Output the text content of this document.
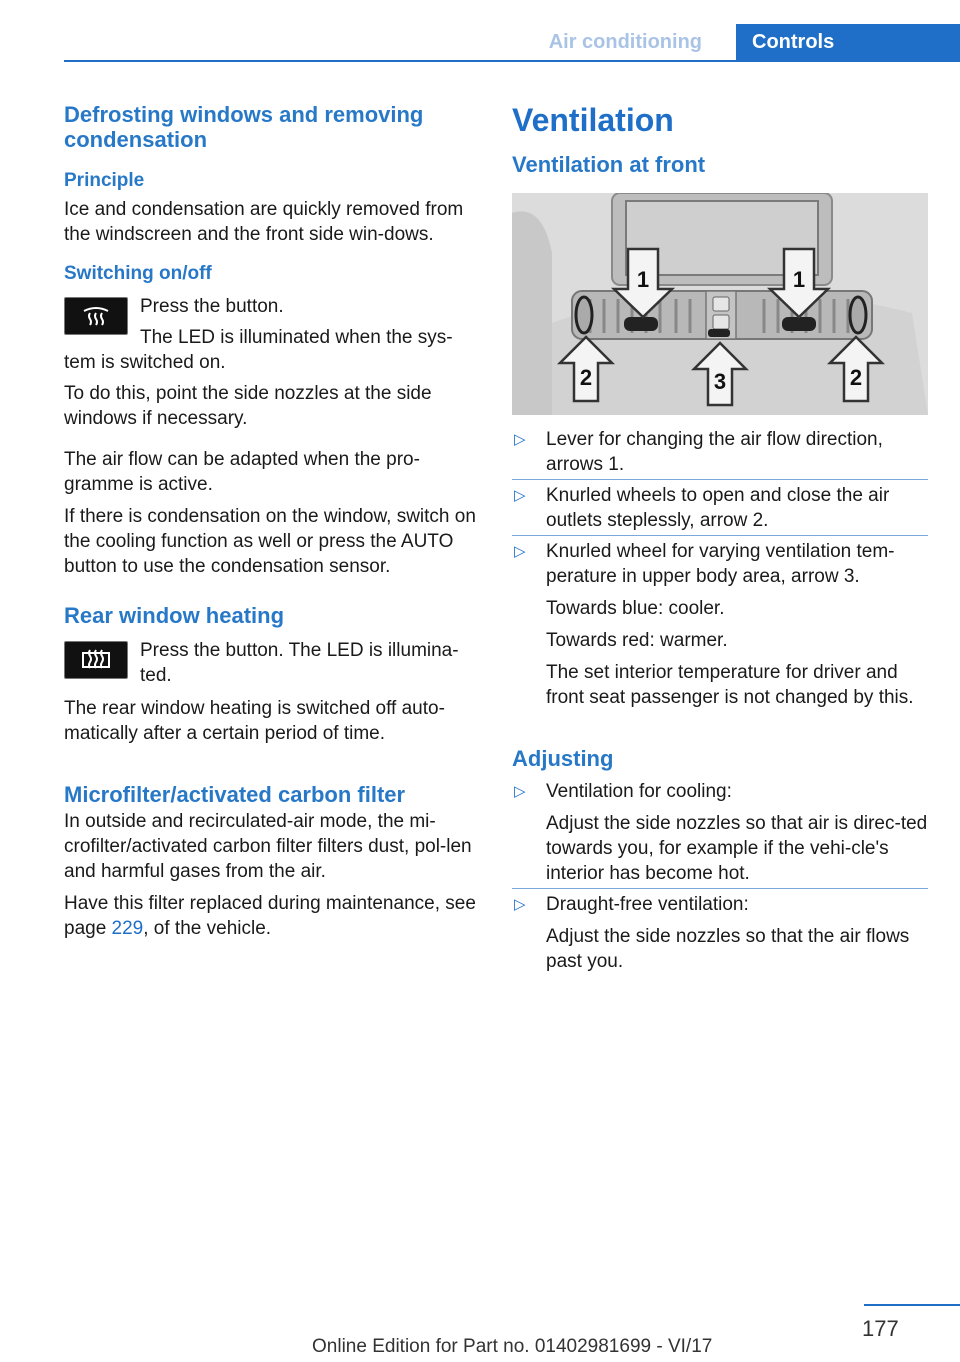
Air conditioning	Controls
Defrosting windows and removing condensation
Principle

Ice and condensation are quickly removed from the windscreen and the front side win-dows.

Switching on/off

Press the button.

The LED is illuminated when the sys-

tem is switched on.

To do this, point the side nozzles at the side windows if necessary.

The air flow can be adapted when the pro-gramme is active.

If there is condensation on the window, switch on the cooling function as well or press the AUTO button to use the condensation sensor.

Rear window heating

Press the button. The LED is illumina-

ted.

The rear window heating is switched off auto-matically after a certain period of time.

Microfilter/activated carbon filter

In outside and recirculated-air mode, the mi-crofilter/activated carbon filter filters dust, pol-len and harmful gases from the air.

Have this filter replaced during maintenance, see page 229, of the vehicle.

Ventilation
Ventilation at front
1	1
2	2
3
▷ Lever for changing the air flow direction, arrows 1.

▷ Knurled wheels to open and close the air outlets steplessly, arrow 2.

▷ Knurled wheel for varying ventilation tem-perature in upper body area, arrow 3.

Towards blue: cooler.

Towards red: warmer.

The set interior temperature for driver and front seat passenger is not changed by this.

Adjusting
▷ Ventilation for cooling:

Adjust the side nozzles so that air is direc-ted towards you, for example if the vehi-cle's interior has become hot.

▷ Draught-free ventilation:

Adjust the side nozzles so that the air flows past you.

177
Online Edition for Part no. 01402981699 - VI/17
